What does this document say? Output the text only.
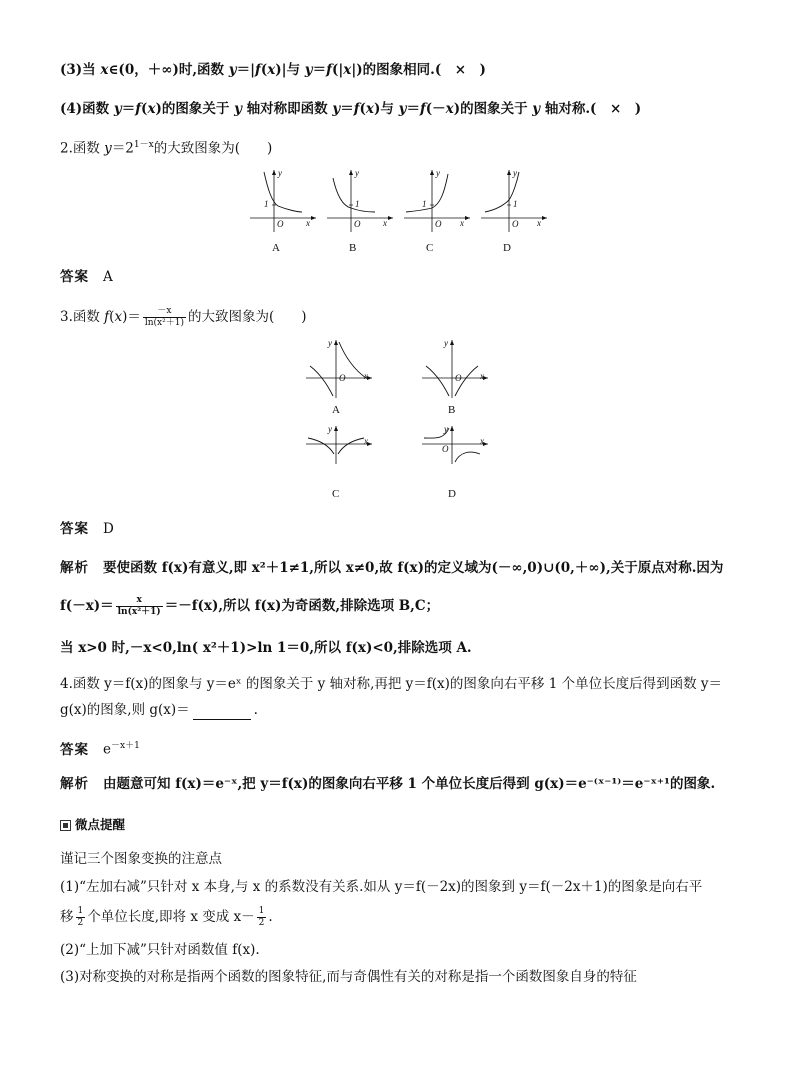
(3)当 x∈(0，＋∞)时,函数 y＝|f(x)|与 y＝f(|x|)的图象相同.(　×　)
(4)函数 y＝f(x)的图象关于 y 轴对称即函数 y＝f(x)与 y＝f(－x)的图象关于 y 轴对称.(　×　)
2.函数 $y=2^{1-x}$的大致图象为(　　)
1
O	x
y
A
1
O	x
y
B
1
O x
y
C
1
O x
y
D
答案 A
3.函数 $f(x)= \frac{-x}{\text{ln(x²＋1)}}$ 的大致图象为(　　)
O x
y
A
O x
y
B
x
y
C
O
x
y
D
答案 D
解析 要使函数 f(x)有意义,即 x²＋1≠1,所以 x≠0,故 f(x)的定义域为(－∞,0)∪(0,＋∞),关于原点对称.因为
$f(-x)= \frac{x}{\text{ln(x²＋1)}} =-f(x)$,所以 f(x)为奇函数,排除选项 B,C；
当 x>0 时,－x<0,ln( x²＋1)>ln 1＝0,所以 f(x)<0,排除选项 A.
4.函数 y＝f(x)的图象与 y＝eˣ 的图象关于 y 轴对称,再把 y＝f(x)的图象向右平移 1 个单位长度后得到函数 y＝
g(x)的图象,则 g(x)＝	.
答案 $e^{-x+1}$
解析 由题意可知 f(x)＝e⁻ˣ,把 y＝f(x)的图象向右平移 1 个单位长度后得到 g(x)＝e⁻⁽ˣ⁻¹⁾＝e⁻ˣ⁺¹的图象.
微点提醒
谨记三个图象变换的注意点
(1)“左加右减”只针对 x 本身,与 x 的系数没有关系.如从 y＝f(－2x)的图象到 y＝f(－2x＋1)的图象是向右平
移 $\frac{1}{2}$ 个单位长度,即将 x 变成 $x- \frac{1}{2}$ .
(2)“上加下减”只针对函数值 f(x).
(3)对称变换的对称是指两个函数的图象特征,而与奇偶性有关的对称是指一个函数图象自身的特征
